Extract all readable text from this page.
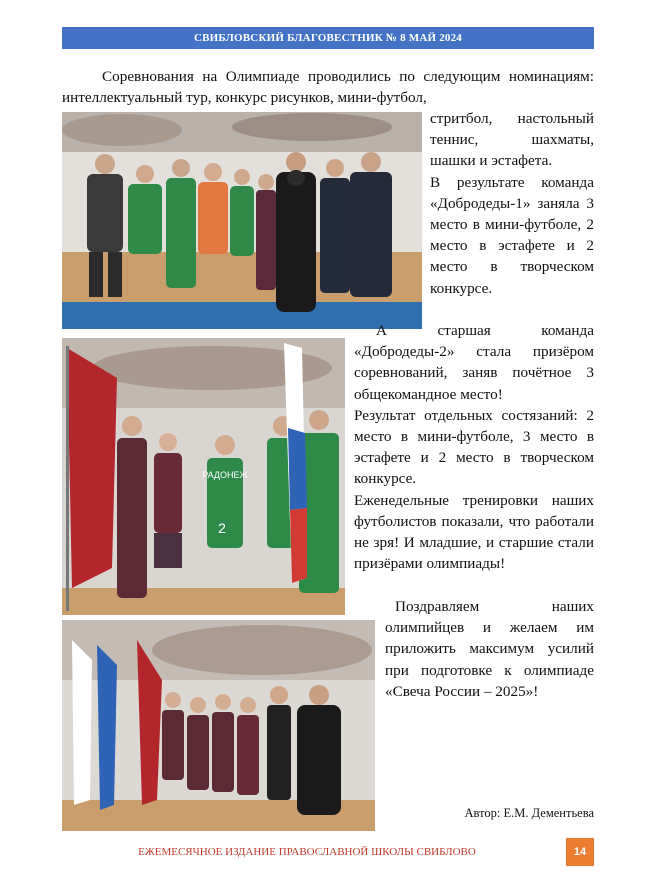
СВИБЛОВСКИЙ БЛАГОВЕСТНИК № 8 МАЙ 2024

Соревнования на Олимпиаде проводились по следующим номинациям: интеллектуальный тур, конкурс рисунков, мини-футбол,

стритбол, настольный теннис, шахматы, шашки и эстафета.

В результате команда «Добродеды-1» заняла 3 место в мини-футболе, 2 место в эстафете и 2 место в творческом конкурсе.

РАДОНЕЖ
2

А старшая команда «Добродеды-2» стала призёром соревнований, заняв почётное 3 общекомандное место!

Результат отдельных состязаний: 2 место в мини-футболе, 3 место в эстафете и 2 место в творческом конкурсе.

Еженедельные тренировки наших футболистов показали, что работали не зря! И младшие, и старшие стали призёрами олимпиады!

Поздравляем наших олимпийцев и желаем им приложить максимум усилий при подготовке к олимпиаде «Свеча России – 2025»!

Автор: Е.М. Дементьева
ЕЖЕМЕСЯЧНОЕ ИЗДАНИЕ ПРАВОСЛАВНОЙ ШКОЛЫ СВИБЛОВО	14
